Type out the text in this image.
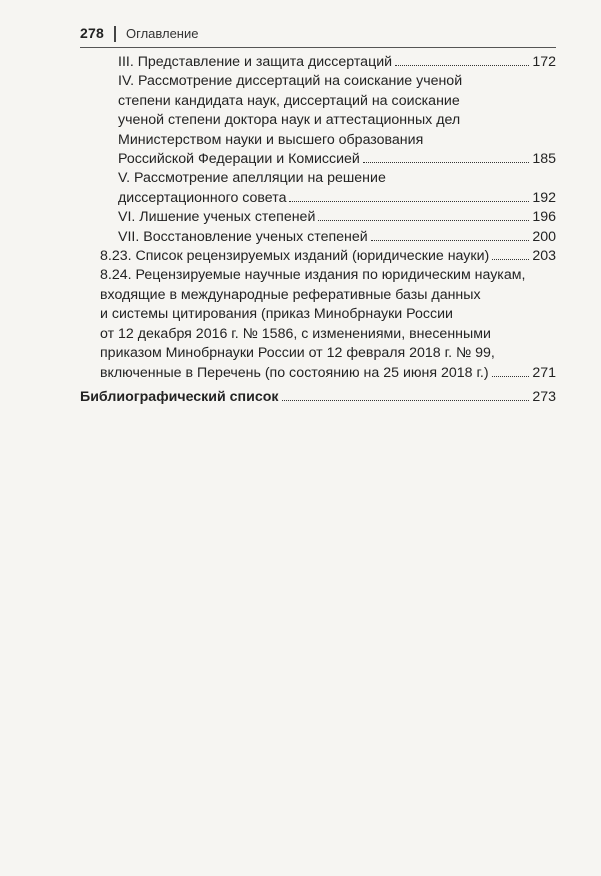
278 Оглавление
III. Представление и защита диссертаций	172
IV. Рассмотрение диссертаций на соискание ученой
степени кандидата наук, диссертаций на соискание
ученой степени доктора наук и аттестационных дел
Министерством науки и высшего образования
Российской Федерации и Комиссией	185
V. Рассмотрение апелляции на решение
диссертационного совета	192
VI. Лишение ученых степеней	196
VII. Восстановление ученых степеней	200
8.23. Список рецензируемых изданий (юридические науки)	203
8.24. Рецензируемые научные издания по юридическим наукам,
входящие в международные реферативные базы данных
и системы цитирования (приказ Минобрнауки России
от 12 декабря 2016 г. № 1586, с изменениями, внесенными
приказом Минобрнауки России от 12 февраля 2018 г. № 99,
включенные в Перечень (по состоянию на 25 июня 2018 г.)	271
Библиографический список	273
